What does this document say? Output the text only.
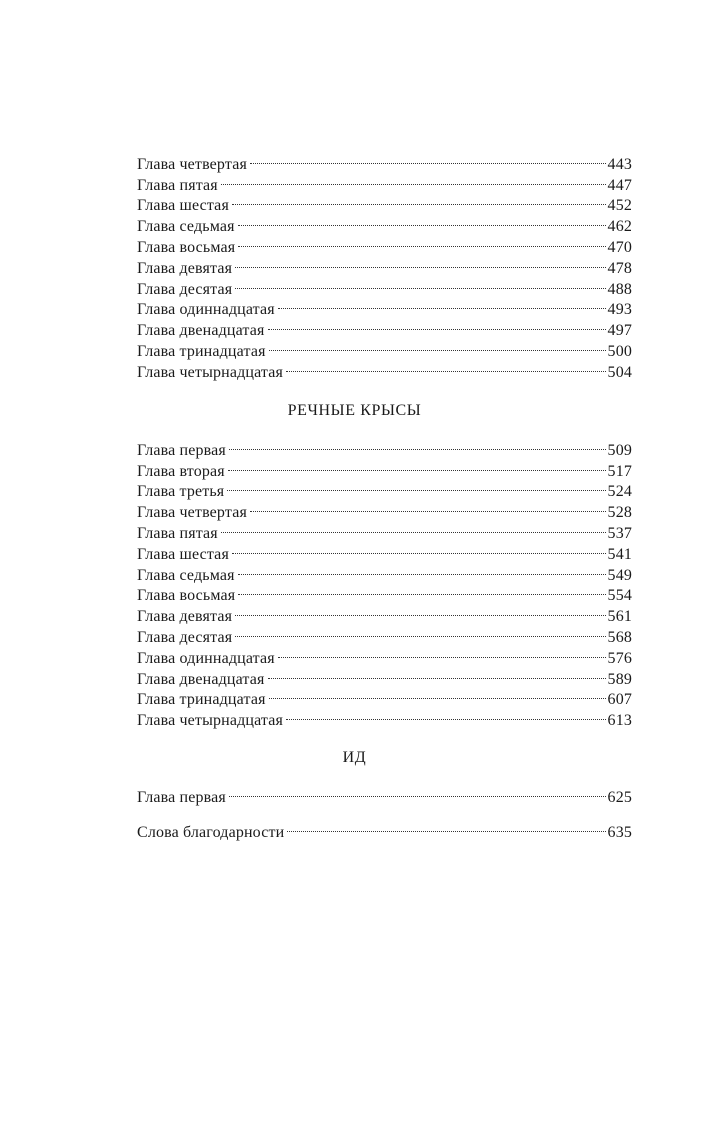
Глава четвертая	443
Глава пятая	447
Глава шестая	452
Глава седьмая	462
Глава восьмая	470
Глава девятая	478
Глава десятая	488
Глава одиннадцатая	493
Глава двенадцатая	497
Глава тринадцатая	500
Глава четырнадцатая	504
РЕЧНЫЕ КРЫСЫ
Глава первая	509
Глава вторая	517
Глава третья	524
Глава четвертая	528
Глава пятая	537
Глава шестая	541
Глава седьмая	549
Глава восьмая	554
Глава девятая	561
Глава десятая	568
Глава одиннадцатая	576
Глава двенадцатая	589
Глава тринадцатая	607
Глава четырнадцатая	613
ИД
Глава первая	625
Слова благодарности	635
